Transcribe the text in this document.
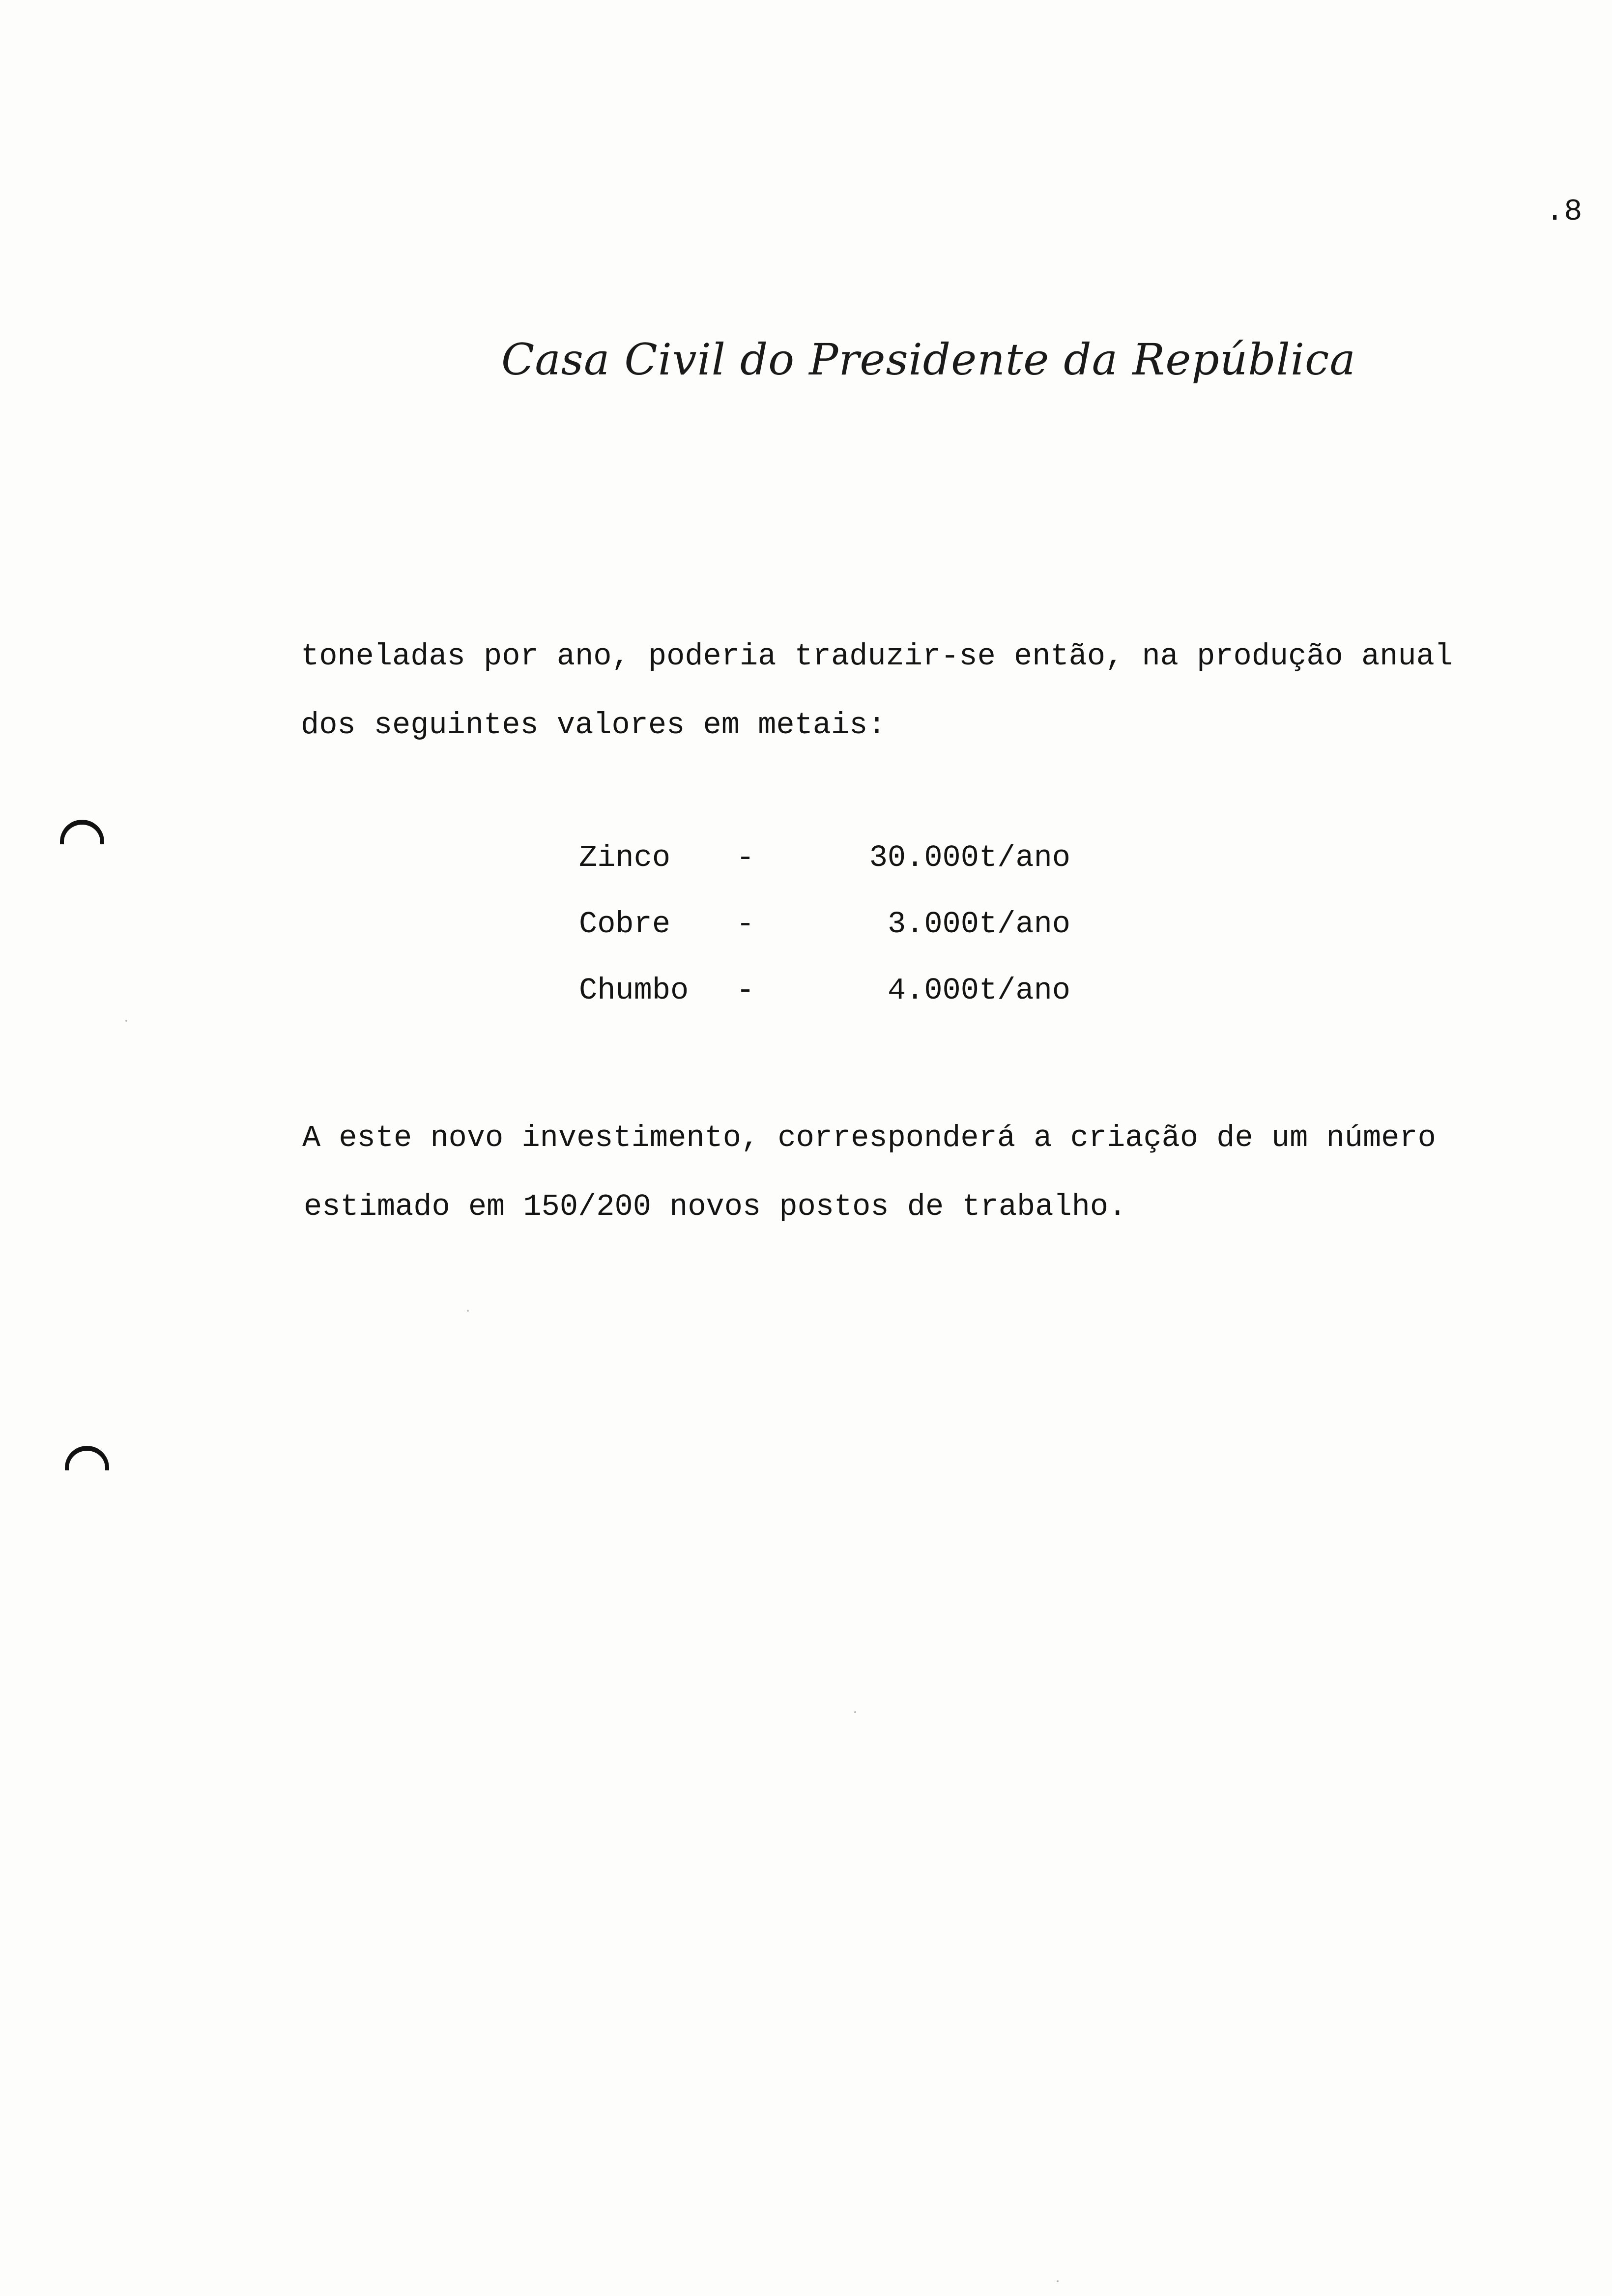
.8
Casa Civil do Presidente da República
toneladas por ano, poderia traduzir-se então, na produção anual
dos seguintes valores em metais:
Zinco -	30.000t/ano
Cobre -	3.000t/ano
Chumbo -	4.000t/ano
A este novo investimento, corresponderá a criação de um número
estimado em 150/200 novos postos de trabalho.
